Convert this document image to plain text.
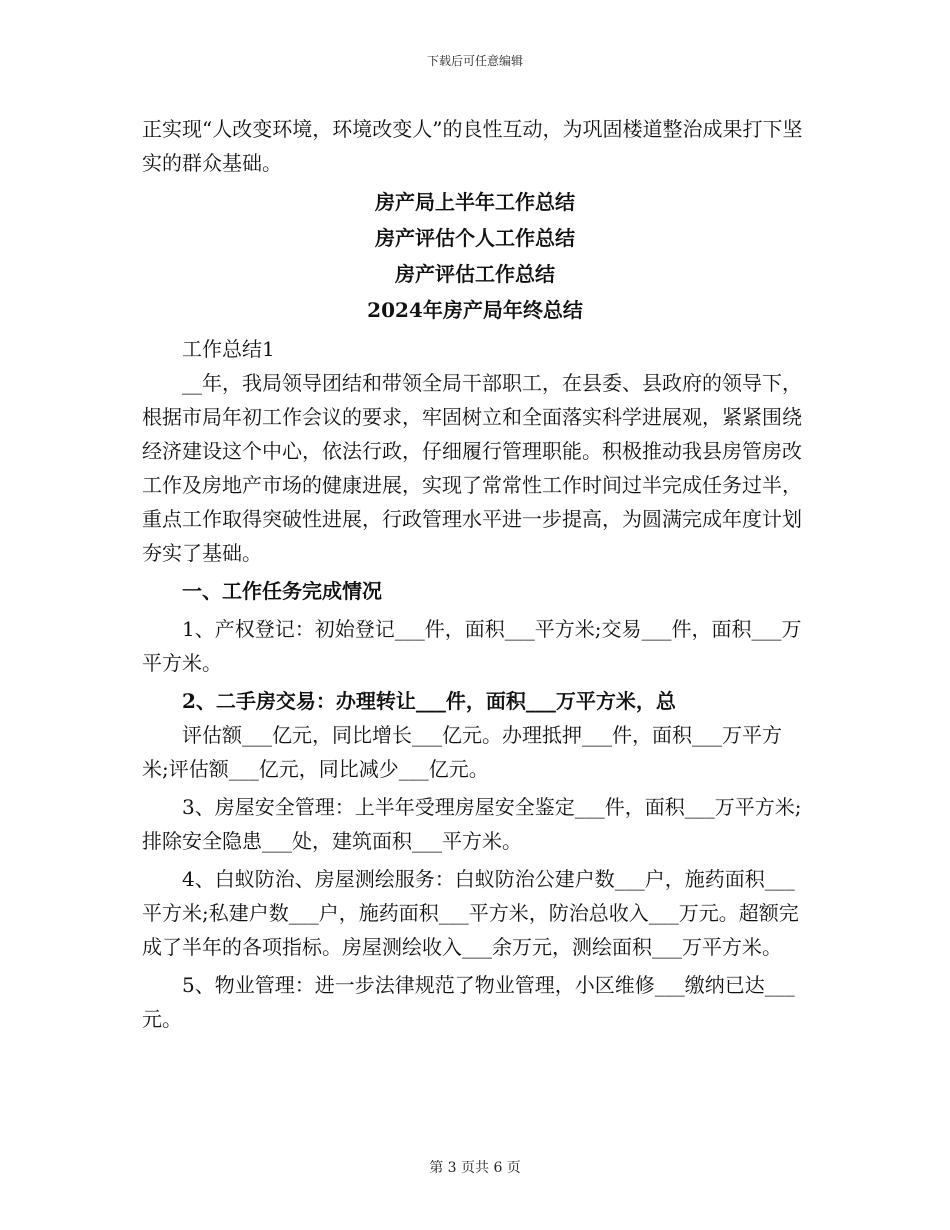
下载后可任意编辑

正实现“人改变环境，环境改变人”的良性互动，为巩固楼道整治成果打下坚实的群众基础。

房产局上半年工作总结

房产评估个人工作总结

房产评估工作总结

2024年房产局年终总结

工作总结1

__年，我局领导团结和带领全局干部职工，在县委、县政府的领导下，根据市局年初工作会议的要求，牢固树立和全面落实科学进展观，紧紧围绕经济建设这个中心，依法行政，仔细履行管理职能。积极推动我县房管房改工作及房地产市场的健康进展，实现了常常性工作时间过半完成任务过半，重点工作取得突破性进展，行政管理水平进一步提高，为圆满完成年度计划夯实了基础。

一、工作任务完成情况

1、产权登记：初始登记___件，面积___平方米;交易___件，面积___万平方米。

2、二手房交易：办理转让___件，面积___万平方米，总

评估额___亿元，同比增长___亿元。办理抵押___件，面积___万平方米;评估额___亿元，同比减少___亿元。

3、房屋安全管理：上半年受理房屋安全鉴定___件，面积___万平方米;排除安全隐患___处，建筑面积___平方米。

4、白蚁防治、房屋测绘服务：白蚁防治公建户数___户，施药面积___平方米;私建户数___户，施药面积___平方米，防治总收入___万元。超额完成了半年的各项指标。房屋测绘收入___余万元，测绘面积___万平方米。

5、物业管理：进一步法律规范了物业管理，小区维修___缴纳已达___元。

第 3 页共 6 页
